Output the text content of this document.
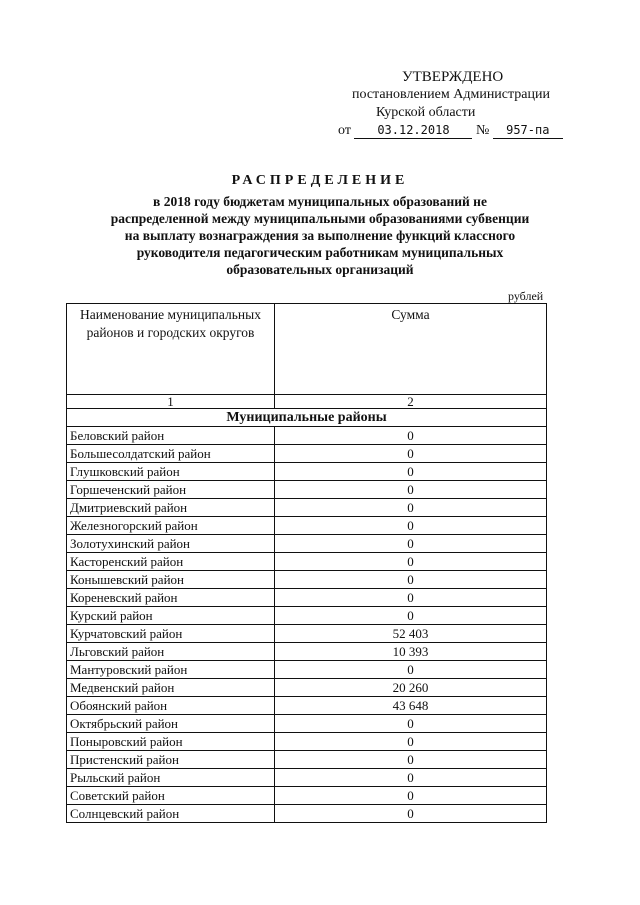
УТВЕРЖДЕНО
постановлением Администрации
Курской области
от 03.12.2018 № 957-па
РАСПРЕДЕЛЕНИЕ
в 2018 году бюджетам муниципальных образований не
распределенной между муниципальными образованиями субвенции
на выплату вознаграждения за выполнение функций классного
руководителя педагогическим работникам муниципальных
образовательных организаций
рублей
Наименование муниципальных районов и городских округов	Сумма
1	2
Муниципальные районы	
Беловский район	0
Большесолдатский район	0
Глушковский район	0
Горшеченский район	0
Дмитриевский район	0
Железногорский район	0
Золотухинский район	0
Касторенский район	0
Конышевский район	0
Кореневский район	0
Курский район	0
Курчатовский район	52 403
Льговский район	10 393
Мантуровский район	0
Медвенский район	20 260
Обоянский район	43 648
Октябрьский район	0
Поныровский район	0
Пристенский район	0
Рыльский район	0
Советский район	0
Солнцевский район	0
